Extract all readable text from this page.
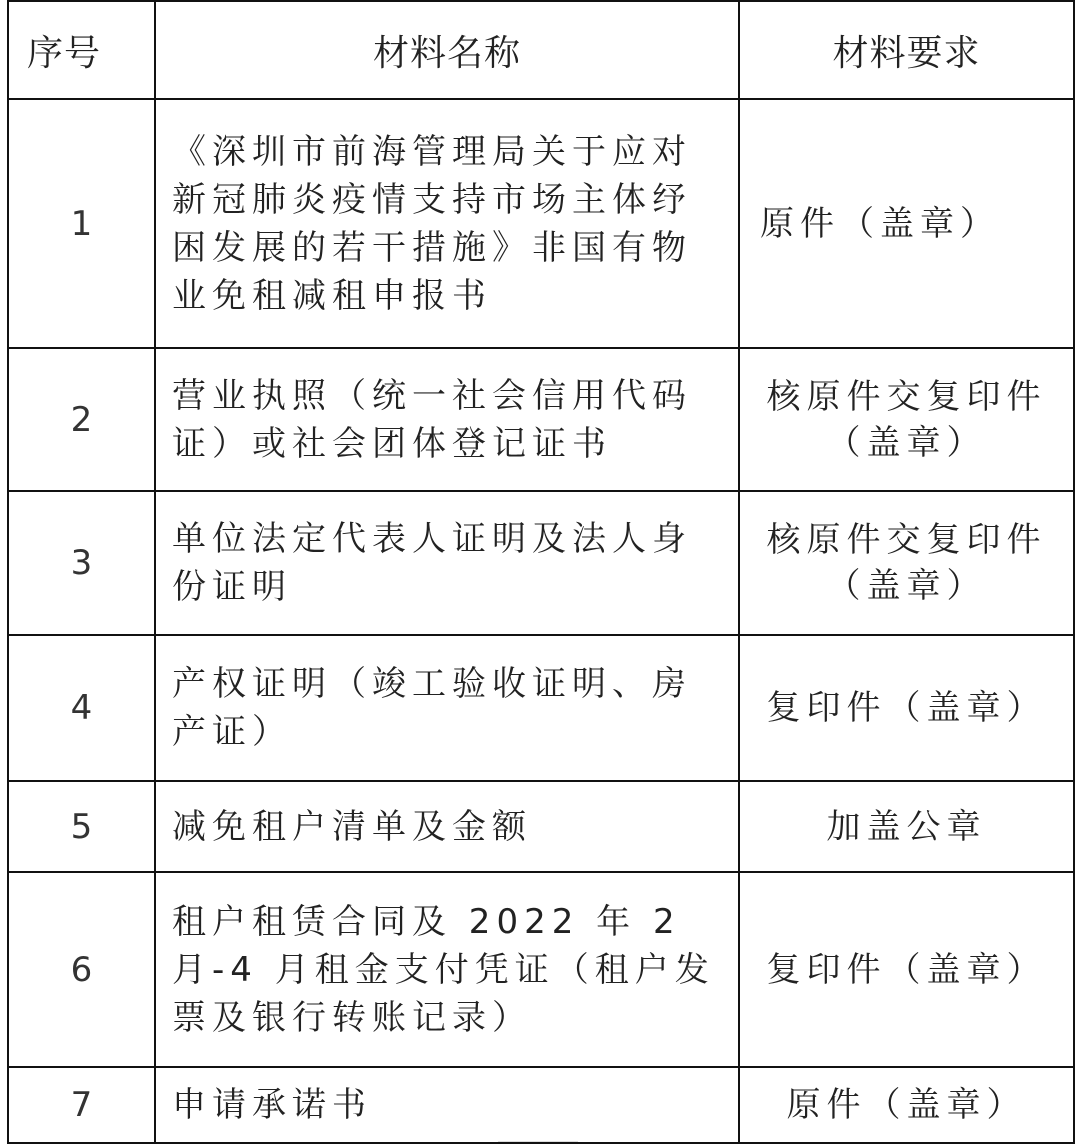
序号	材料名称	材料要求
1	《深圳市前海管理局关于应对新冠肺炎疫情支持市场主体纾困发展的若干措施》非国有物业免租减租申报书	原件（盖章）
2	营业执照（统一社会信用代码证）或社会团体登记证书	核原件交复印件（盖章）
3	单位法定代表人证明及法人身份证明	核原件交复印件（盖章）
4	产权证明（竣工验收证明、房产证）	复印件（盖章）
5	减免租户清单及金额	加盖公章
6	租户租赁合同及 2022 年 2 月-4 月租金支付凭证（租户发票及银行转账记录）	复印件（盖章）
7	申请承诺书	原件（盖章）
